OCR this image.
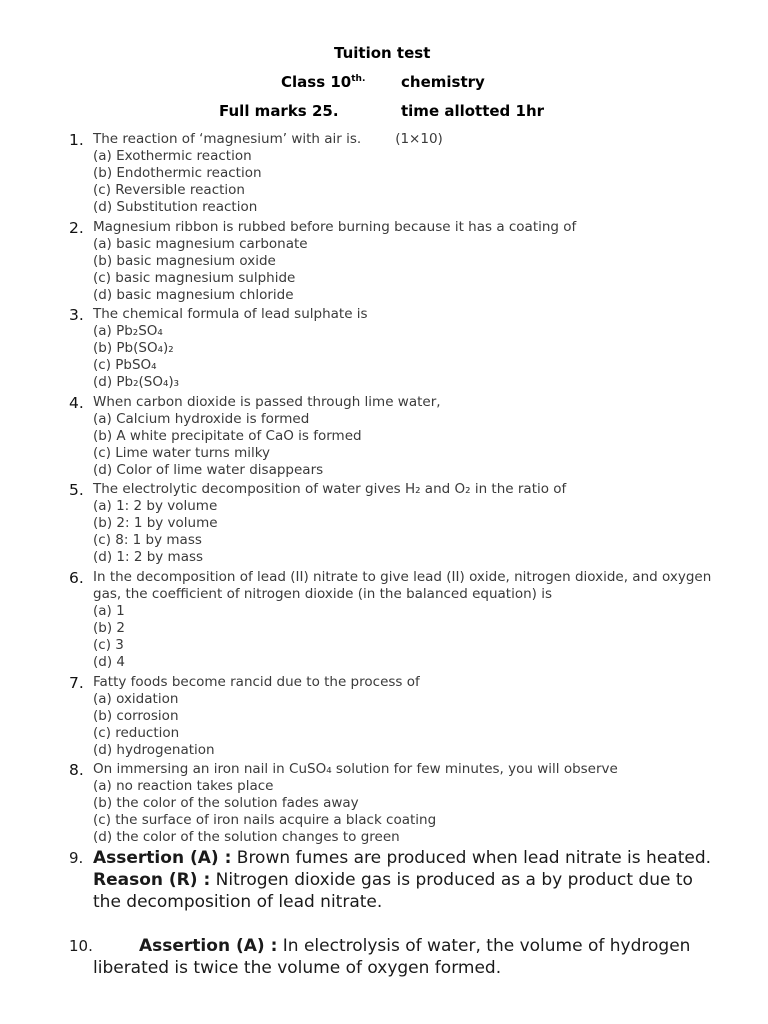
Tuition test
Class $10^{th.}$ chemistry
Full marks 25.	time allotted 1hr
1. The reaction of ‘magnesium’ with air is.	(1×10)
(a) Exothermic reaction
(b) Endothermic reaction
(c) Reversible reaction
(d) Substitution reaction
2. Magnesium ribbon is rubbed before burning because it has a coating of
(a) basic magnesium carbonate
(b) basic magnesium oxide
(c) basic magnesium sulphide
(d) basic magnesium chloride
3. The chemical formula of lead sulphate is
(a) Pb₂SO₄
(b) Pb(SO₄)₂
(c) PbSO₄
(d) Pb₂(SO₄)₃
4. When carbon dioxide is passed through lime water,
(a) Calcium hydroxide is formed
(b) A white precipitate of CaO is formed
(c) Lime water turns milky
(d) Color of lime water disappears
5. The electrolytic decomposition of water gives H₂ and O₂ in the ratio of
(a) 1: 2 by volume
(b) 2: 1 by volume
(c) 8: 1 by mass
(d) 1: 2 by mass
6. In the decomposition of lead (II) nitrate to give lead (II) oxide, nitrogen dioxide, and oxygen gas, the coefficient of nitrogen dioxide (in the balanced equation) is
(a) 1
(b) 2
(c) 3
(d) 4
7. Fatty foods become rancid due to the process of
(a) oxidation
(b) corrosion
(c) reduction
(d) hydrogenation
8. On immersing an iron nail in CuSO₄ solution for few minutes, you will observe
(a) no reaction takes place
(b) the color of the solution fades away
(c) the surface of iron nails acquire a black coating
(d) the color of the solution changes to green
9. Assertion (A) : Brown fumes are produced when lead nitrate is heated.
Reason (R) : Nitrogen dioxide gas is produced as a by product due to the decomposition of lead nitrate.
10.	Assertion (A) : In electrolysis of water, the volume of hydrogen liberated is twice the volume of oxygen formed.
